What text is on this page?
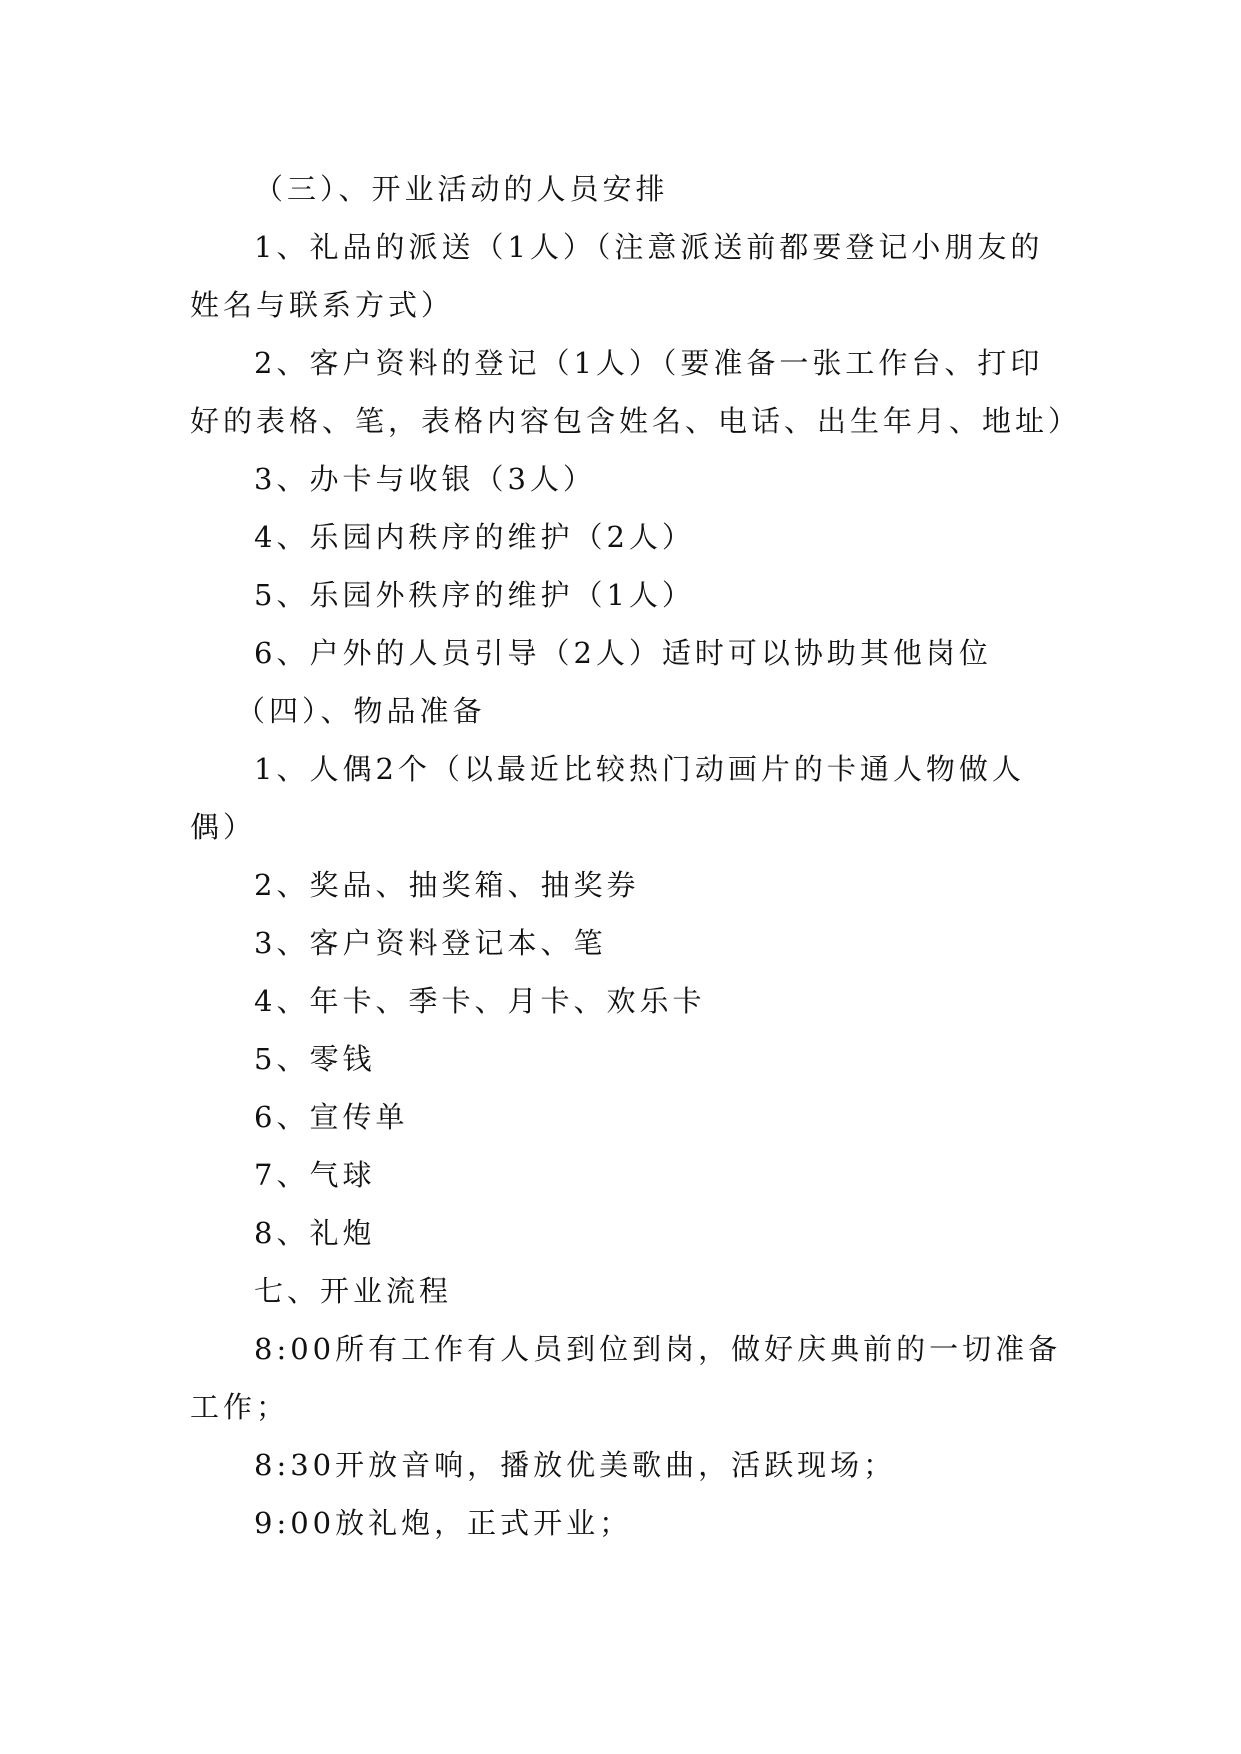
（三）、开业活动的人员安排
1、礼品的派送（1人）（注意派送前都要登记小朋友的
姓名与联系方式）
2、客户资料的登记（1人）（要准备一张工作台、打印
好的表格、笔，表格内容包含姓名、电话、出生年月、地址）
3、办卡与收银（3人）
4、乐园内秩序的维护（2人）
5、乐园外秩序的维护（1人）
6、户外的人员引导（2人）适时可以协助其他岗位
（四）、物品准备
1、人偶2个（以最近比较热门动画片的卡通人物做人
偶）
2、奖品、抽奖箱、抽奖券
3、客户资料登记本、笔
4、年卡、季卡、月卡、欢乐卡
5、零钱
6、宣传单
7、气球
8、礼炮
七、开业流程
8:00所有工作有人员到位到岗，做好庆典前的一切准备
工作；
8:30开放音响，播放优美歌曲，活跃现场；
9:00放礼炮，正式开业；
